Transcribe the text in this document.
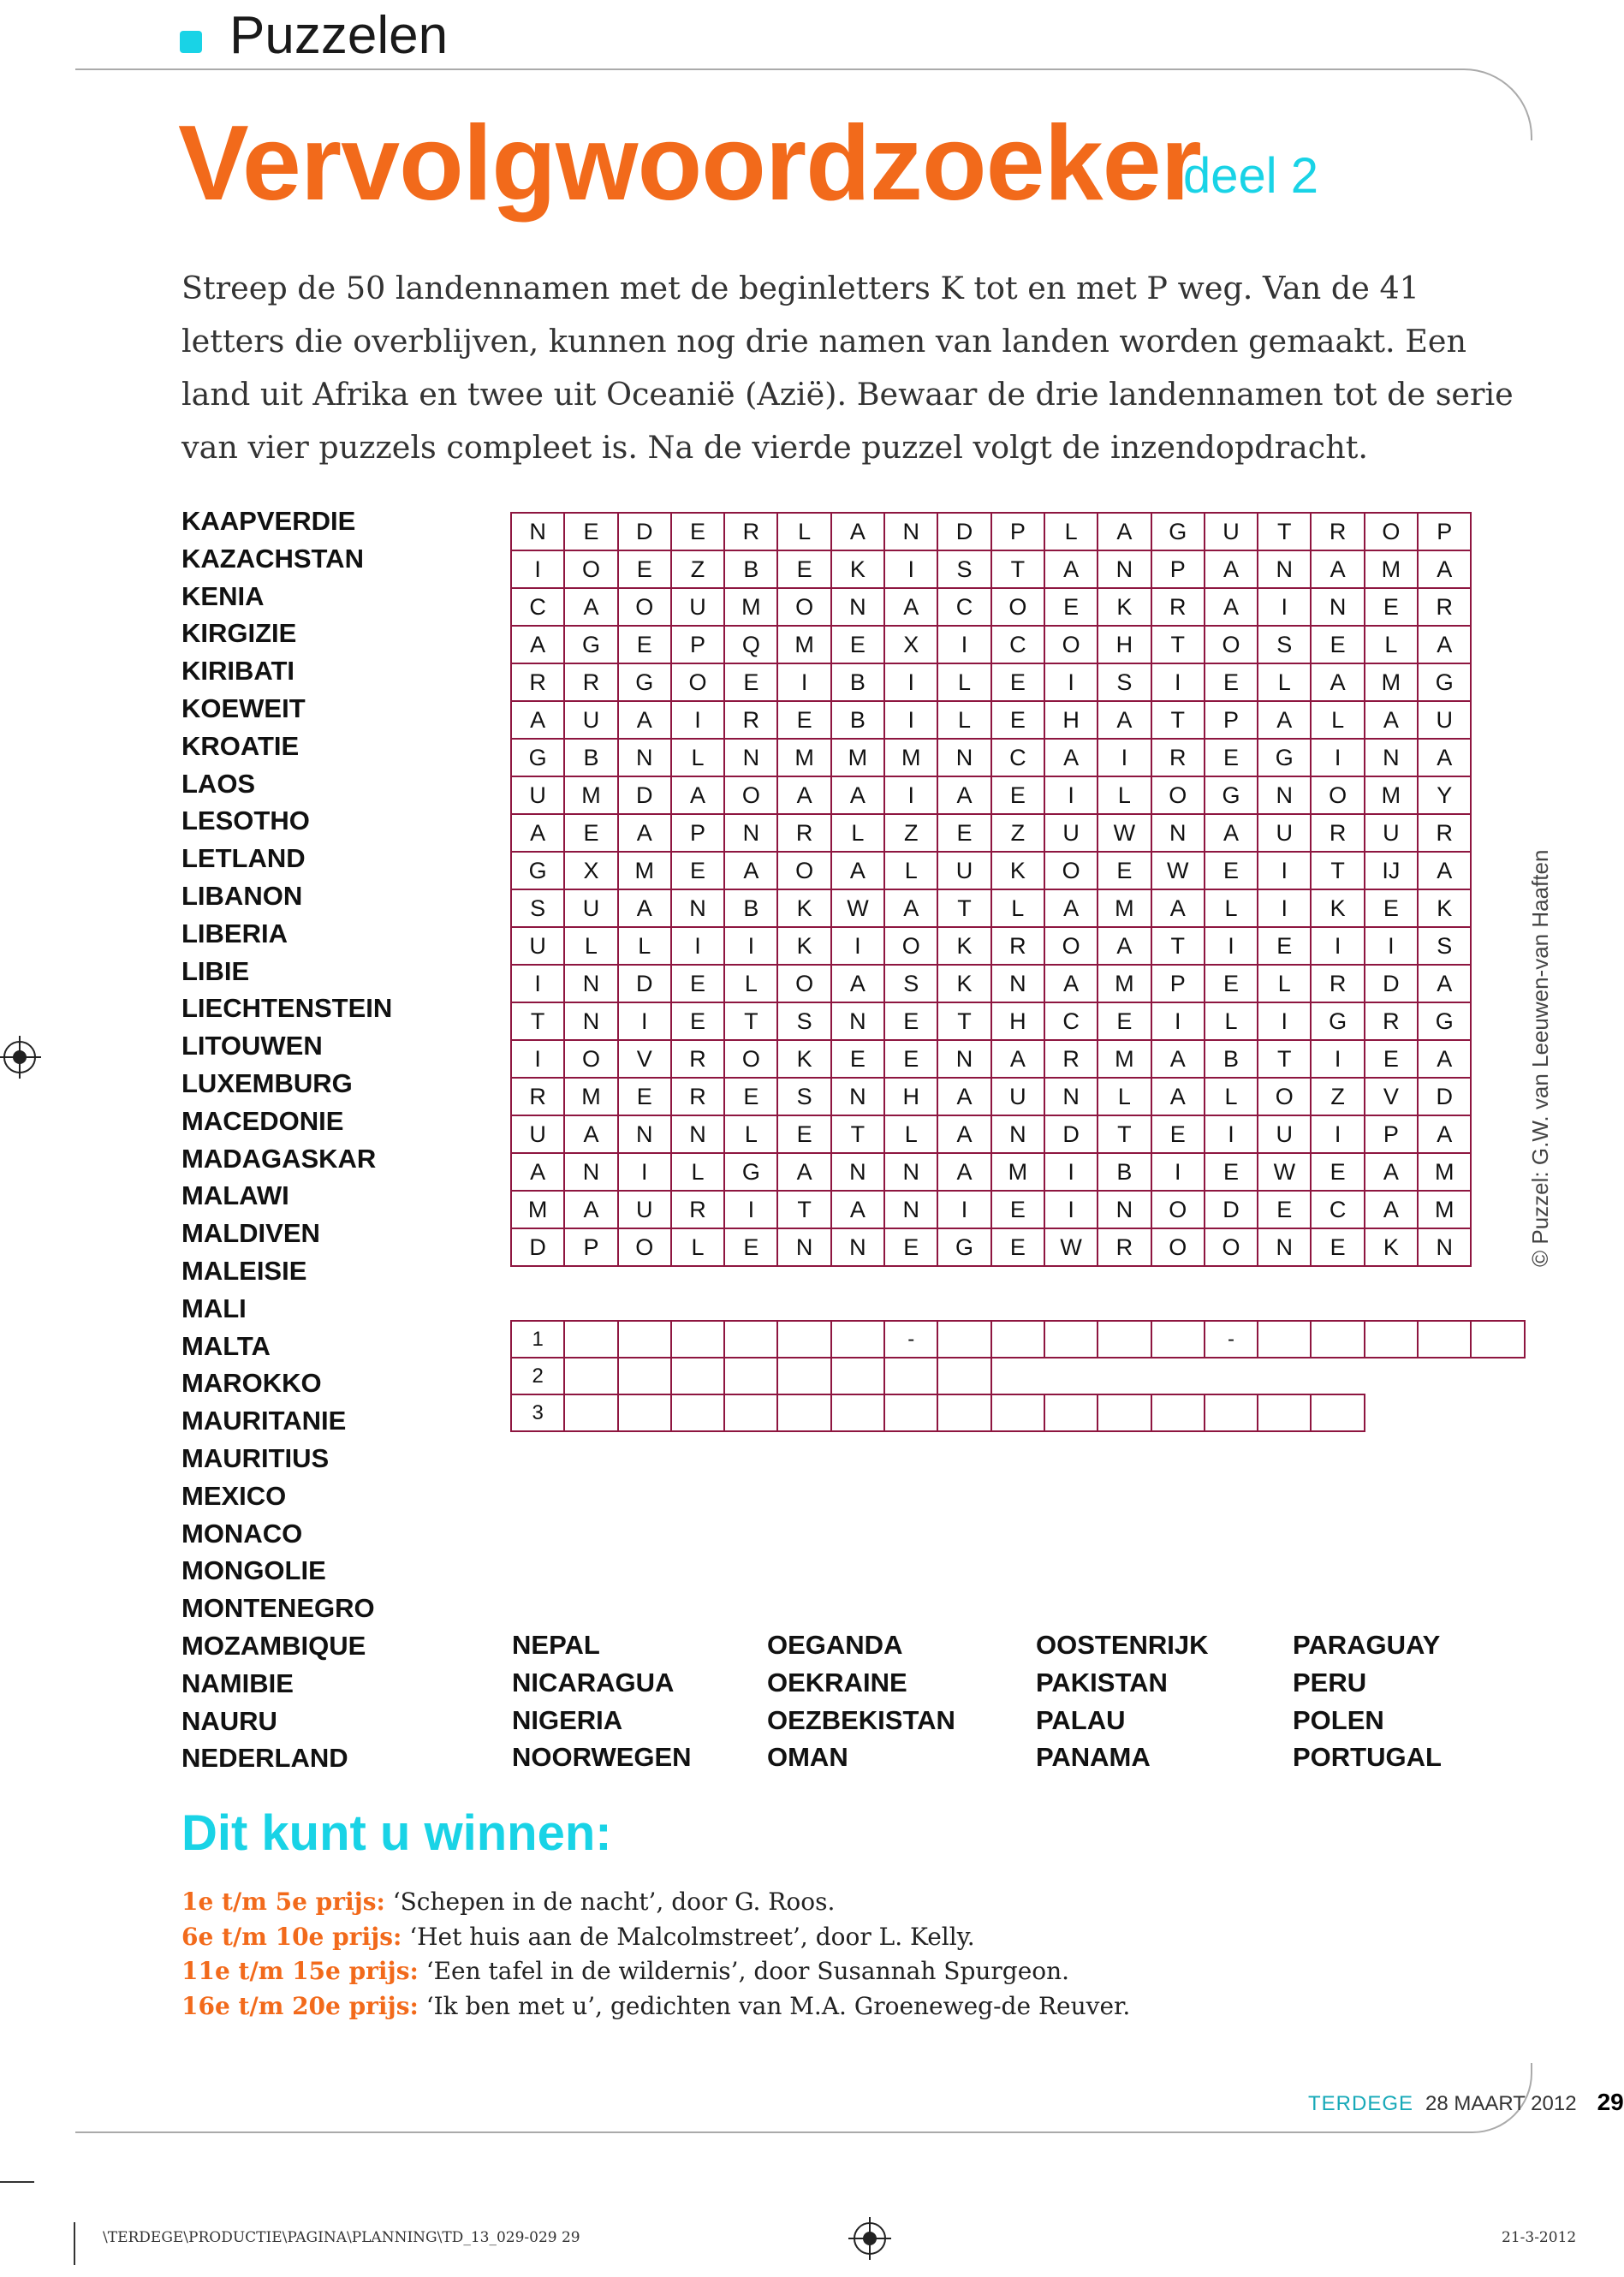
Puzzelen
Vervolgwoordzoeker
deel 2

Streep de 50 landennamen met de beginletters K tot en met P weg. Van de 41 letters die overblijven, kunnen nog drie namen van landen worden gemaakt. Een land uit Afrika en twee uit Oceanië (Azië). Bewaar de drie landennamen tot de serie van vier puzzels compleet is. Na de vierde puzzel volgt de inzendopdracht.

KAAPVERDIE
KAZACHSTAN
KENIA
KIRGIZIE
KIRIBATI
KOEWEIT
KROATIE
LAOS
LESOTHO
LETLAND
LIBANON
LIBERIA
LIBIE
LIECHTENSTEIN
LITOUWEN
LUXEMBURG
MACEDONIE
MADAGASKAR
MALAWI
MALDIVEN
MALEISIE
MALI
MALTA
MAROKKO
MAURITANIE
MAURITIUS
MEXICO
MONACO
MONGOLIE
MONTENEGRO
MOZAMBIQUE
NAMIBIE
NAURU
NEDERLAND
N	E	D	E	R	L	A	N	D	P	L	A	G	U	T	R	O	P
I	O	E	Z	B	E	K	I	S	T	A	N	P	A	N	A	M	A
C	A	O	U	M	O	N	A	C	O	E	K	R	A	I	N	E	R
A	G	E	P	Q	M	E	X	I	C	O	H	T	O	S	E	L	A
R	R	G	O	E	I	B	I	L	E	I	S	I	E	L	A	M	G
A	U	A	I	R	E	B	I	L	E	H	A	T	P	A	L	A	U
G	B	N	L	N	M	M	M	N	C	A	I	R	E	G	I	N	A
U	M	D	A	O	A	A	I	A	E	I	L	O	G	N	O	M	Y
A	E	A	P	N	R	L	Z	E	Z	U	W	N	A	U	R	U	R
G	X	M	E	A	O	A	L	U	K	O	E	W	E	I	T	IJ	A
S	U	A	N	B	K	W	A	T	L	A	M	A	L	I	K	E	K
U	L	L	I	I	K	I	O	K	R	O	A	T	I	E	I	I	S
I	N	D	E	L	O	A	S	K	N	A	M	P	E	L	R	D	A
T	N	I	E	T	S	N	E	T	H	C	E	I	L	I	G	R	G
I	O	V	R	O	K	E	E	N	A	R	M	A	B	T	I	E	A
R	M	E	R	E	S	N	H	A	U	N	L	A	L	O	Z	V	D
U	A	N	N	L	E	T	L	A	N	D	T	E	I	U	I	P	A
A	N	I	L	G	A	N	N	A	M	I	B	I	E	W	E	A	M
M	A	U	R	I	T	A	N	I	E	I	N	O	D	E	C	A	M
D	P	O	L	E	N	N	E	G	E	W	R	O	O	N	E	K	N
1							-						-						
2																			
3																			
© Puzzel: G.W. van Leeuwen-van Haaften
NEPAL
NICARAGUA
NIGERIA
NOORWEGEN
OEGANDA
OEKRAINE
OEZBEKISTAN
OMAN
OOSTENRIJK
PAKISTAN
PALAU
PANAMA
PARAGUAY
PERU
POLEN
PORTUGAL
Dit kunt u winnen:
1e t/m 5e prijs: ‘Schepen in de nacht’, door G. Roos.
6e t/m 10e prijs: ‘Het huis aan de Malcolmstreet’, door L. Kelly.
11e t/m 15e prijs: ‘Een tafel in de wildernis’, door Susannah Spurgeon.
16e t/m 20e prijs: ‘Ik ben met u’, gedichten van M.A. Groeneweg-de Reuver.
TERDEGE 28 MAART 2012 29
\TERDEGE\PRODUCTIE\PAGINA\PLANNING\TD_13_029-029 29	21-3-2012
